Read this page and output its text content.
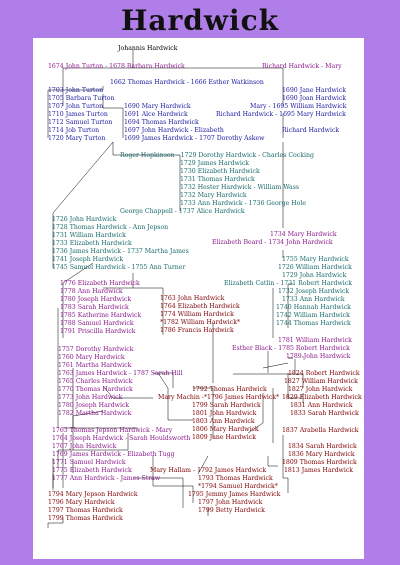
Hardwick
Johannis Hardwick
1674 John Turton - 1678 Barbara Hardwick	Richard Hardwick - Mary
1662 Thomas Hardwick - 1666 Esther Watkinson
1703 John Turton
1705 Barbara Turton
1707 John Turton
1710 James Turton
1712 Samuel Turton
1714 Job Turton
1720 Mary Turton
1690 Jane Hardwick
1690 Joan Hardwick
1690 Mary Hardwick	Mary - 1695 William Hardwick
1691 Alce Hardwick	Richard Hardwick - 1695 Mary Hardwick
1694 Thomas Hardwick
1697 John Hardwick - Elizabeth	Richard Hardwick
1699 James Hardwick - 1707 Dorothy Askew
Roger Hopkinson - 1729 Dorothy Hardwick - Charles Cocking
1729 James Hardwick
1730 Elizabeth Hardwick
1731 Thomas Hardwick
1732 Hester Hardwick - William Wass
1732 Mary Hardwick
1733 Ann Hardwick - 1736 George Hole
George Chappell - 1737 Alice Hardwick
1726 John Hardwick
1728 Thomas Hardwick - Ann Jepson
1734 Mary Hardwick
1731 William Hardwick
1733 Elizabeth Hardwick	Elizabeth Beard - 1734 John Hardwick
1736 James Hardwick - 1737 Martha James
1741 Joseph Hardwick
1745 Samuel Hardwick - 1755 Ann Turner
1755 Mary Hardwick
1726 William Hardwick
1729 John Hardwick
Elizabeth Catlin - 1731 Robert Hardwick
1732 Joseph Hardwick
1733 Ann Hardwick
1740 Hannah Hardwick
1742 William Hardwick
1744 Thomas Hardwick
1776 Elizabeth Hardwick
1778 Ann Hardwick
1780 Joseph Hardwick
1783 Sarah Hardwick
1785 Katherine Hardwick
1788 Samuel Hardwick
1791 Priscilla Hardwick
1763 John Hardwick
1764 Elizabeth Hardwick
1774 William Hardwick
*1782 William Hardwick*
1786 Francis Hardwick
1781 William Hardwick
Esther Black - 1785 Robert Hardwick
1789 John Hardwick
1757 Dorothy Hardwick
1760 Mary Hardwick
1761 Martha Hardwick
1763 James Hardwick - 1787 Sarah Hill
1765 Charles Hardwick
1770 Thomas Hardwick
1773 John Hardwick
1780 Joseph Hardwick
1782 Martha Hardwick
1824 Robert Hardwick
1827 William Hardwick
1827 John Hardwick
1829 Elizabeth Hardwick
1831 Ann Hardwick
1833 Sarah Hardwick
1837 Arabella Hardwick
1792 Thomas Hardwick
Mary Machin -*1796 James Hardwick*
1799 Sarah Hardwick
1801 John Hardwick
1803 Ann Hardwick
1806 Mary Hardwick
1809 Jane Hardwick
1763 Thomas Jepson Hardwick - Mary
1764 Joseph Hardwick - Sarah Houldsworth
1767 John Hardwick
1769 James Hardwick - Elizabeth Tugg
1771 Samuel Hardwick
1775 Elizabeth Hardwick
1777 Ann Hardwick - James Straw
1834 Sarah Hardwick
1836 Mary Hardwick
1809 Thomas Hardwick
1813 James Hardwick
Mary Hallam - 1792 James Hardwick
1793 Thomas Hardwick
*1794 Samuel Hardwick*
1795 Jemmy James Hardwick
1797 John Hardwick
1799 Betty Hardwick
1794 Mary Jepson Hardwick
1796 Mary Hardwick
1797 Thomas Hardwick
1799 Thomas Hardwick
